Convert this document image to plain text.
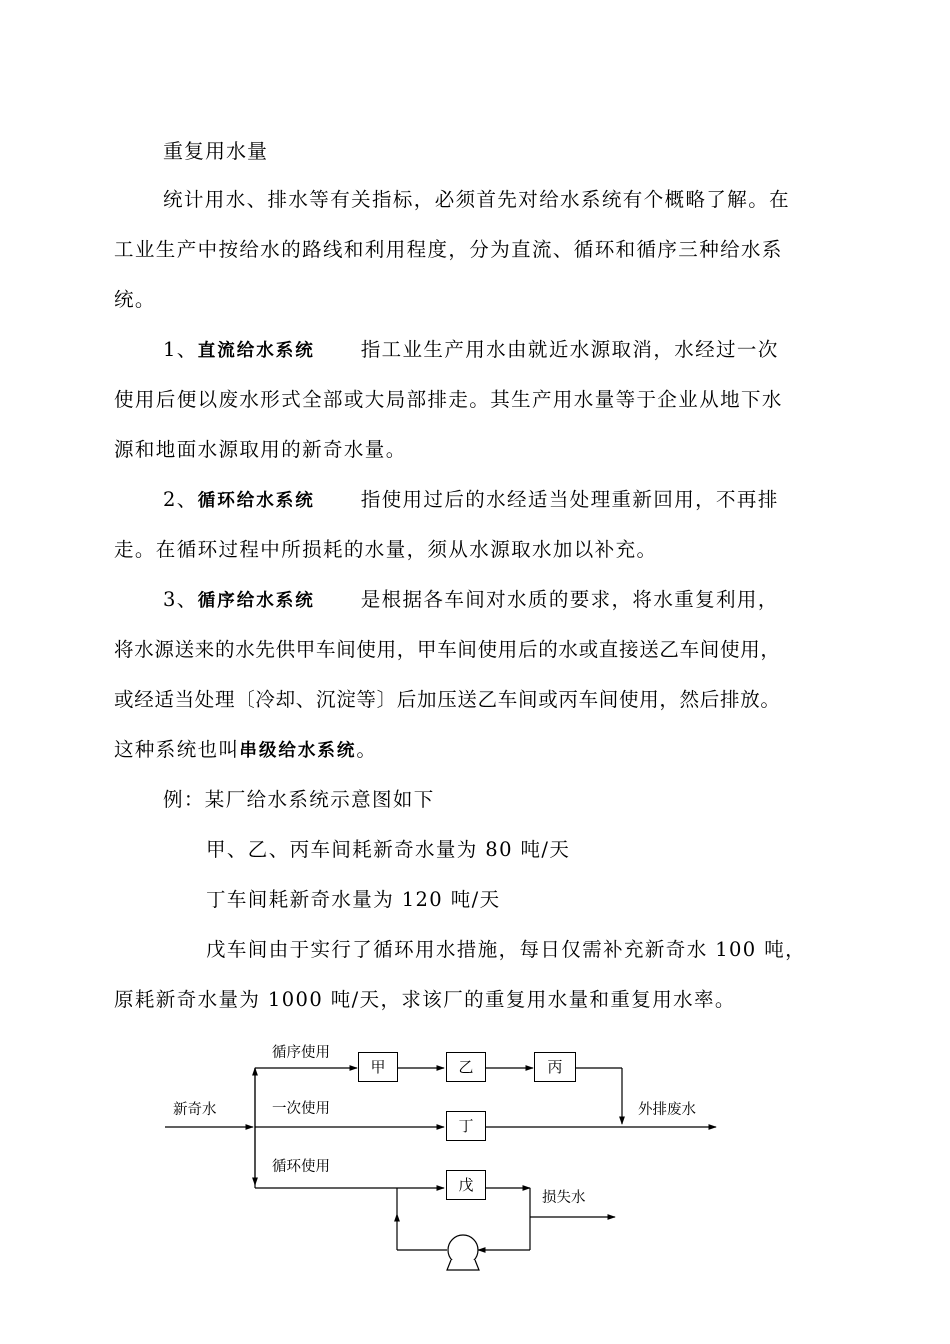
重复用水量
统计用水、排水等有关指标，必须首先对给水系统有个概略了解。在
工业生产中按给水的路线和利用程度，分为直流、循环和循序三种给水系
统。
1、直流给水系统 指工业生产用水由就近水源取消，水经过一次
使用后便以废水形式全部或大局部排走。其生产用水量等于企业从地下水
源和地面水源取用的新奇水量。
2、循环给水系统 指使用过后的水经适当处理重新回用，不再排
走。在循环过程中所损耗的水量，须从水源取水加以补充。
3、循序给水系统 是根据各车间对水质的要求，将水重复利用，
将水源送来的水先供甲车间使用，甲车间使用后的水或直接送乙车间使用，
或经适当处理〔冷却、沉淀等〕后加压送乙车间或丙车间使用，然后排放。
这种系统也叫串级给水系统。
例：某厂给水系统示意图如下
甲、乙、丙车间耗新奇水量为 80 吨/天
丁车间耗新奇水量为 120 吨/天
戊车间由于实行了循环用水措施，每日仅需补充新奇水 100 吨，
原耗新奇水量为 1000 吨/天，求该厂的重复用水量和重复用水率。
循序使用
新奇水	一次使用
循环使用
外排废水
损失水
甲	乙	丙
丁
戊
